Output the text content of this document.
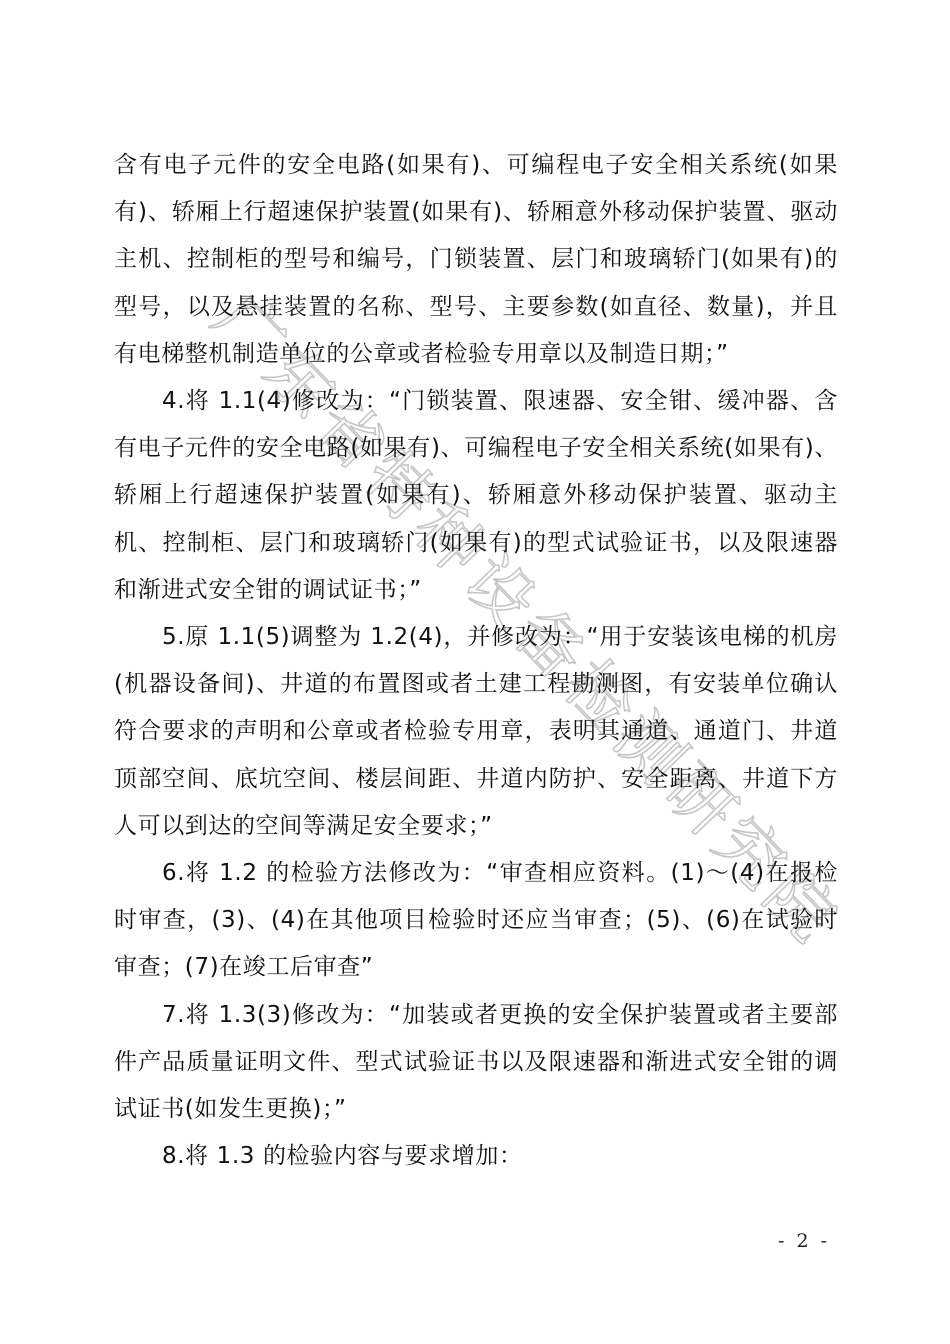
广
东
省
特
种
设
备
检
测
研
究
院

含有电子元件的安全电路(如果有)、可编程电子安全相关系统(如果有)、轿厢上行超速保护装置(如果有)、轿厢意外移动保护装置、驱动主机、控制柜的型号和编号，门锁装置、层门和玻璃轿门(如果有)的型号，以及悬挂装置的名称、型号、主要参数(如直径、数量)，并且有电梯整机制造单位的公章或者检验专用章以及制造日期；”

4.将 1.1(4)修改为：“门锁装置、限速器、安全钳、缓冲器、含有电子元件的安全电路(如果有)、可编程电子安全相关系统(如果有)、轿厢上行超速保护装置(如果有)、轿厢意外移动保护装置、驱动主机、控制柜、层门和玻璃轿门(如果有)的型式试验证书，以及限速器和渐进式安全钳的调试证书；”

5.原 1.1(5)调整为 1.2(4)，并修改为：“用于安装该电梯的机房(机器设备间)、井道的布置图或者土建工程勘测图，有安装单位确认符合要求的声明和公章或者检验专用章，表明其通道、通道门、井道顶部空间、底坑空间、楼层间距、井道内防护、安全距离、井道下方人可以到达的空间等满足安全要求；”

6.将 1.2 的检验方法修改为：“审查相应资料。(1)～(4)在报检时审查，(3)、(4)在其他项目检验时还应当审查；(5)、(6)在试验时审查；(7)在竣工后审查”

7.将 1.3(3)修改为：“加装或者更换的安全保护装置或者主要部件产品质量证明文件、型式试验证书以及限速器和渐进式安全钳的调试证书(如发生更换)；”

8.将 1.3 的检验内容与要求增加：

- 2 -
